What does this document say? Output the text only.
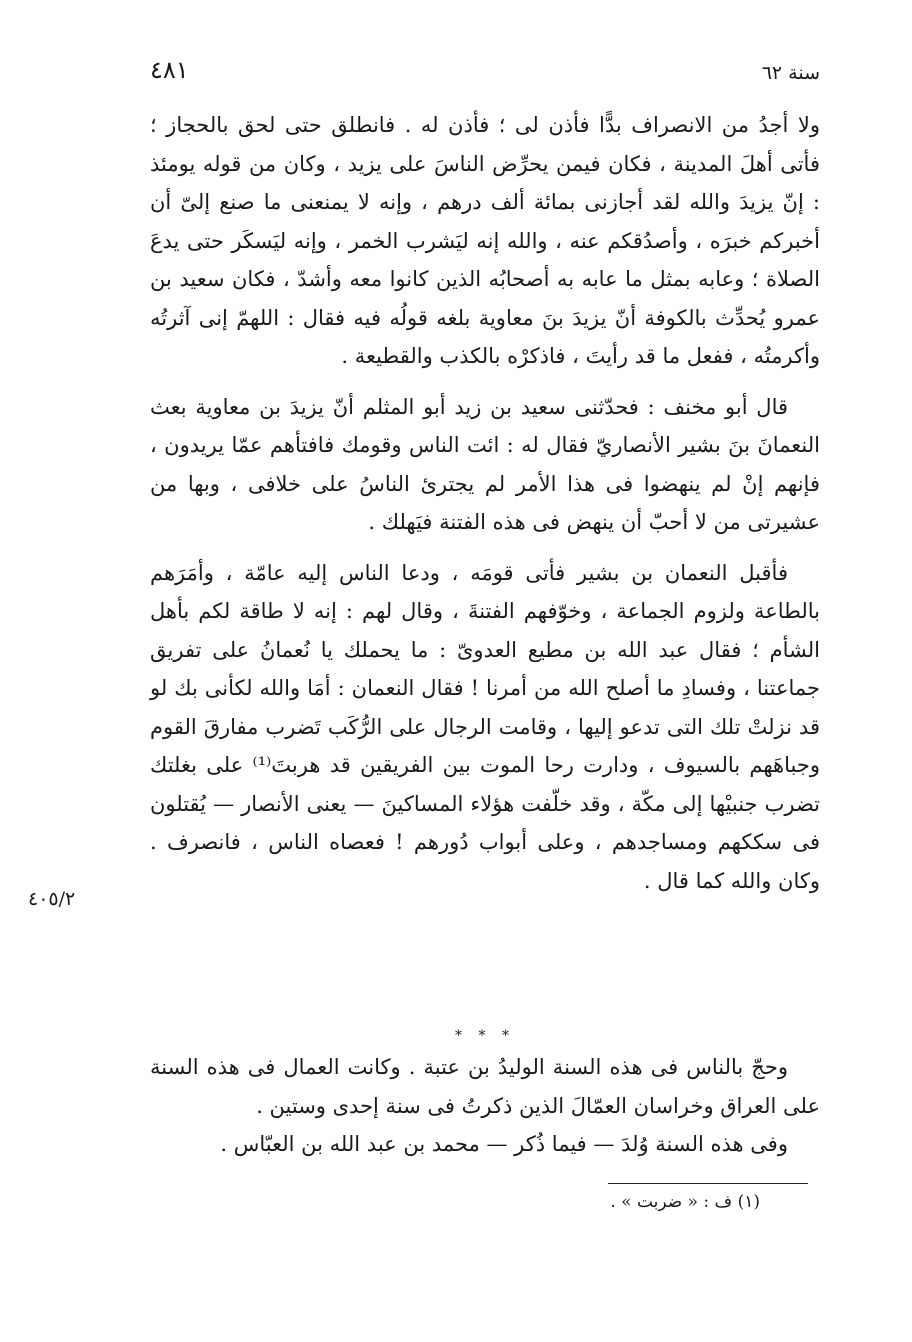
سنة ٦٢
٤٨١

ولا أجدُ من الانصراف بدًّا فأذن لى ؛ فأذن له . فانطلق حتى لحق بالحجاز ؛ فأتى أهلَ المدينة ، فكان فيمن يحرِّض الناسَ على يزيد ، وكان من قوله يومئذ : إنّ يزيدَ والله لقد أجازنى بمائة ألف درهم ، وإنه لا يمنعنى ما صنع إلىّ أن أخبركم خبرَه ، وأصدُقكم عنه ، والله إنه ليَشرب الخمر ، وإنه ليَسكَر حتى يدعَ الصلاة ؛ وعابه بمثل ما عابه به أصحابُه الذين كانوا معه وأشدّ ، فكان سعيد بن عمرو يُحدِّث بالكوفة أنّ يزيدَ بنَ معاوية بلغه قولُه فيه فقال : اللهمّ إنى آثرتُه وأكرمتُه ، ففعل ما قد رأيتَ ، فاذكرْه بالكذب والقطيعة .

قال أبو مخنف : فحدّثنى سعيد بن زيد أبو المثلم أنّ يزيدَ بن معاوية بعث النعمانَ بنَ بشير الأنصاريّ فقال له : ائت الناس وقومك فافتأهم عمّا يريدون ، فإنهم إنْ لم ينهضوا فى هذا الأمر لم يجترئ الناسُ على خلافى ، وبها من عشيرتى من لا أحبّ أن ينهض فى هذه الفتنة فيَهلك .

فأقبل النعمان بن بشير فأتى قومَه ، ودعا الناس إليه عامّة ، وأمَرَهم بالطاعة ولزوم الجماعة ، وخوّفهم الفتنةَ ، وقال لهم : إنه لا طاقة لكم بأهل الشأم ؛ فقال عبد الله بن مطيع العدوىّ : ما يحملك يا نُعمانُ على تفريق جماعتنا ، وفسادِ ما أصلح الله من أمرنا ! فقال النعمان : أمَا والله لكأنى بك لو قد نزلتْ تلك التى تدعو إليها ، وقامت الرجال على الرُّكَب تَضرب مفارقَ القوم وجباهَهم بالسيوف ، ودارت رحا الموت بين الفريقين قد هربتَ⁽¹⁾ على بغلتك تضرب جنبيْها إلى مكّة ، وقد خلّفت هؤلاء المساكينَ — يعنى الأنصار — يُقتلون فى سككهم ومساجدهم ، وعلى أبواب دُورهم ! فعصاه الناس ، فانصرف . وكان والله كما قال .

* * *

وحجّ بالناس فى هذه السنة الوليدُ بن عتبة . وكانت العمال فى هذه السنة على العراق وخراسان العمّالَ الذين ذكرتُ فى سنة إحدى وستين .

وفى هذه السنة وُلدَ — فيما ذُكر — محمد بن عبد الله بن العبّاس .

٤٠٥/٢
(١) ف : « ضربت » .
